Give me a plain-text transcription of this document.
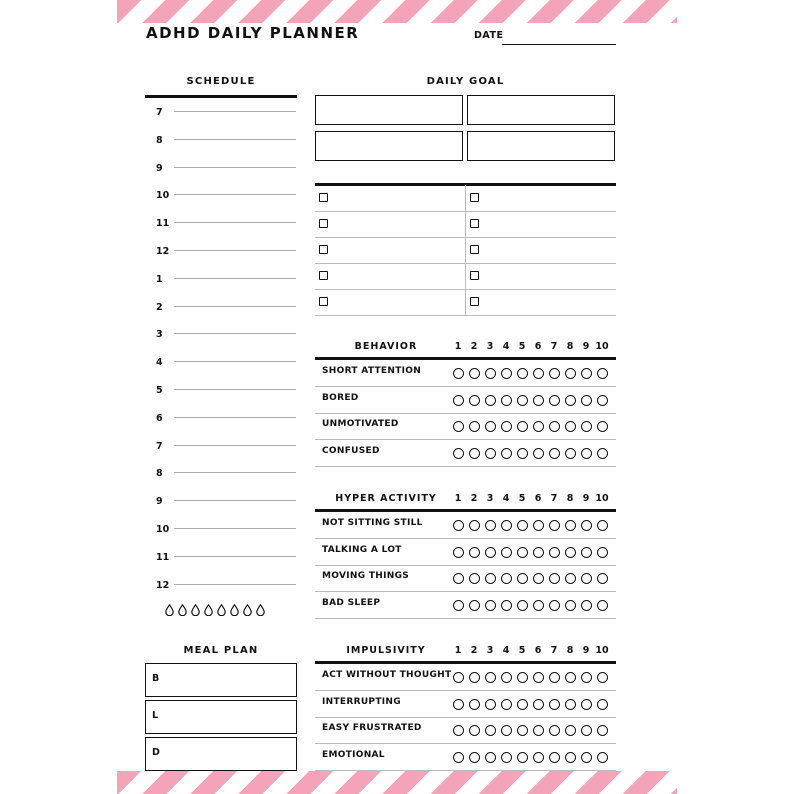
ADHD DAILY PLANNER	DATE
SCHEDULE
7
8
9
10
11
12
1
2
3
4
5
6
7
8
9
10
11
12
DAILY GOAL
BEHAVIOR	1 2 3 4 5 6 7 8 9 10
SHORT ATTENTION
BORED
UNMOTIVATED
CONFUSED
HYPER ACTIVITY	1 2 3 4 5 6 7 8 9 10
NOT SITTING STILL
TALKING A LOT
MOVING THINGS
BAD SLEEP
IMPULSIVITY	1 2 3 4 5 6 7 8 9 10
ACT WITHOUT THOUGHT
INTERRUPTING
EASY FRUSTRATED
EMOTIONAL
MEAL PLAN
B
L
D
